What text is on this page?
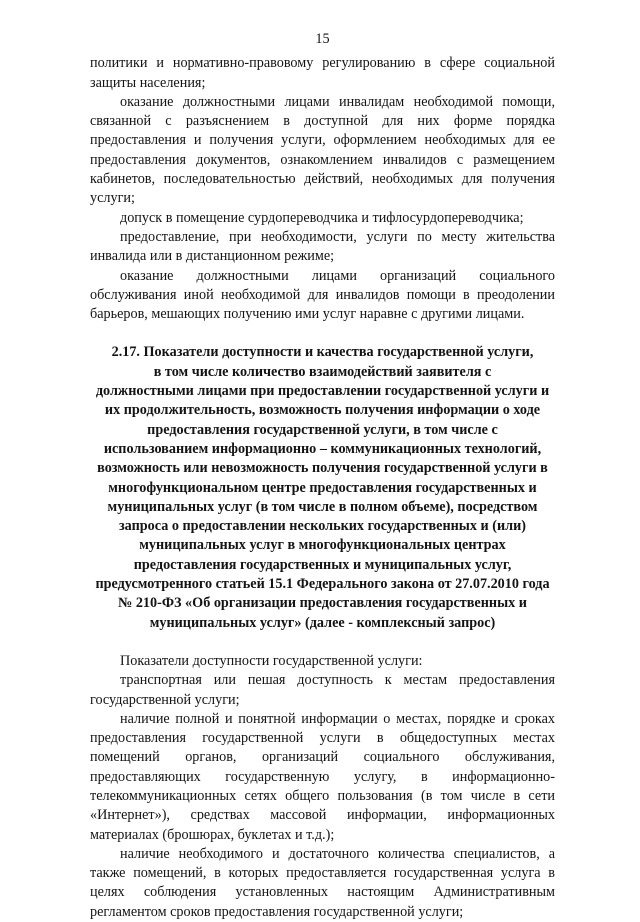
15

политики и нормативно-правовому регулированию в сфере социальной защиты населения;

оказание должностными лицами инвалидам необходимой помощи, связанной с разъяснением в доступной для них форме порядка предоставления и получения услуги, оформлением необходимых для ее предоставления документов, ознакомлением инвалидов с размещением кабинетов, последовательностью действий, необходимых для получения услуги;

допуск в помещение сурдопереводчика и тифлосурдопереводчика;

предоставление, при необходимости, услуги по месту жительства инвалида или в дистанционном режиме;

оказание должностными лицами организаций социального обслуживания иной необходимой для инвалидов помощи в преодолении барьеров, мешающих получению ими услуг наравне с другими лицами.

2.17. Показатели доступности и качества государственной услуги,
в том числе количество взаимодействий заявителя с
должностными лицами при предоставлении государственной услуги и
их продолжительность, возможность получения информации о ходе
предоставления государственной услуги, в том числе с
использованием информационно – коммуникационных технологий,
возможность или невозможность получения государственной услуги в
многофункциональном центре предоставления государственных и
муниципальных услуг (в том числе в полном объеме), посредством
запроса о предоставлении нескольких государственных и (или)
муниципальных услуг в многофункциональных центрах
предоставления государственных и муниципальных услуг,
предусмотренного статьей 15.1 Федерального закона от 27.07.2010 года
№ 210-ФЗ «Об организации предоставления государственных и
муниципальных услуг» (далее - комплексный запрос)

Показатели доступности государственной услуги:

транспортная или пешая доступность к местам предоставления государственной услуги;

наличие полной и понятной информации о местах, порядке и сроках предоставления государственной услуги в общедоступных местах помещений органов, организаций социального обслуживания, предоставляющих государственную услугу, в информационно-телекоммуникационных сетях общего пользования (в том числе в сети «Интернет»), средствах массовой информации, информационных материалах (брошюрах, буклетах и т.д.);

наличие необходимого и достаточного количества специалистов, а также помещений, в которых предоставляется государственная услуга в целях соблюдения установленных настоящим Административным регламентом сроков предоставления государственной услуги;
